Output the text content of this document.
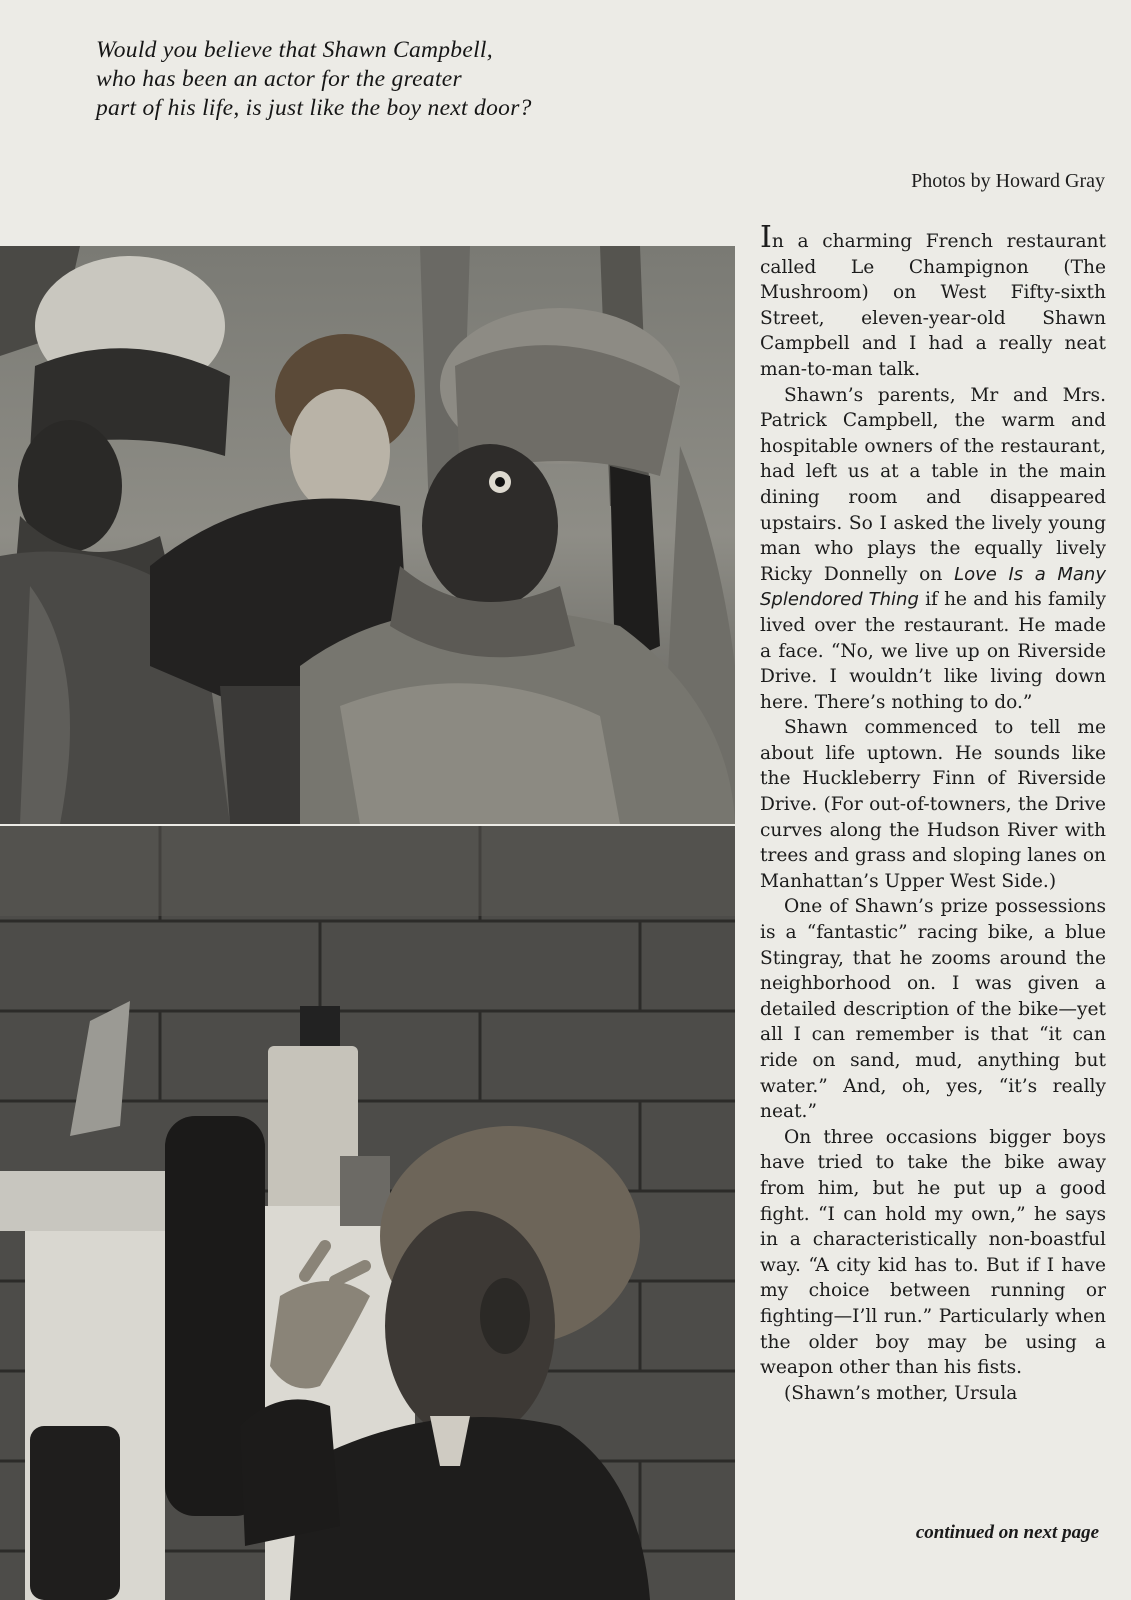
Would you believe that Shawn Campbell,
who has been an actor for the greater
part of his life, is just like the boy next door?
Photos by Howard Gray

In a charming French restaurant called Le Champignon (The Mushroom) on West Fifty-sixth Street, eleven-year-old Shawn Campbell and I had a really neat man-to-man talk.

Shawn’s parents, Mr and Mrs. Patrick Campbell, the warm and hospitable owners of the restaurant, had left us at a table in the main dining room and disappeared upstairs. So I asked the lively young man who plays the equally lively Ricky Donnelly on Love Is a Many Splendored Thing if he and his family lived over the restaurant. He made a face. “No, we live up on Riverside Drive. I wouldn’t like living down here. There’s nothing to do.”

Shawn commenced to tell me about life uptown. He sounds like the Huckleberry Finn of Riverside Drive. (For out-of-towners, the Drive curves along the Hudson River with trees and grass and sloping lanes on Manhattan’s Upper West Side.)

One of Shawn’s prize possessions is a “fantastic” racing bike, a blue Stingray, that he zooms around the neighborhood on. I was given a detailed description of the bike—yet all I can remember is that “it can ride on sand, mud, anything but water.” And, oh, yes, “it’s really neat.”

On three occasions bigger boys have tried to take the bike away from him, but he put up a good fight. “I can hold my own,” he says in a characteristically non-boastful way. “A city kid has to. But if I have my choice between running or fighting—I’ll run.” Particularly when the older boy may be using a weapon other than his fists.

(Shawn’s mother, Ursula

continued on next page
